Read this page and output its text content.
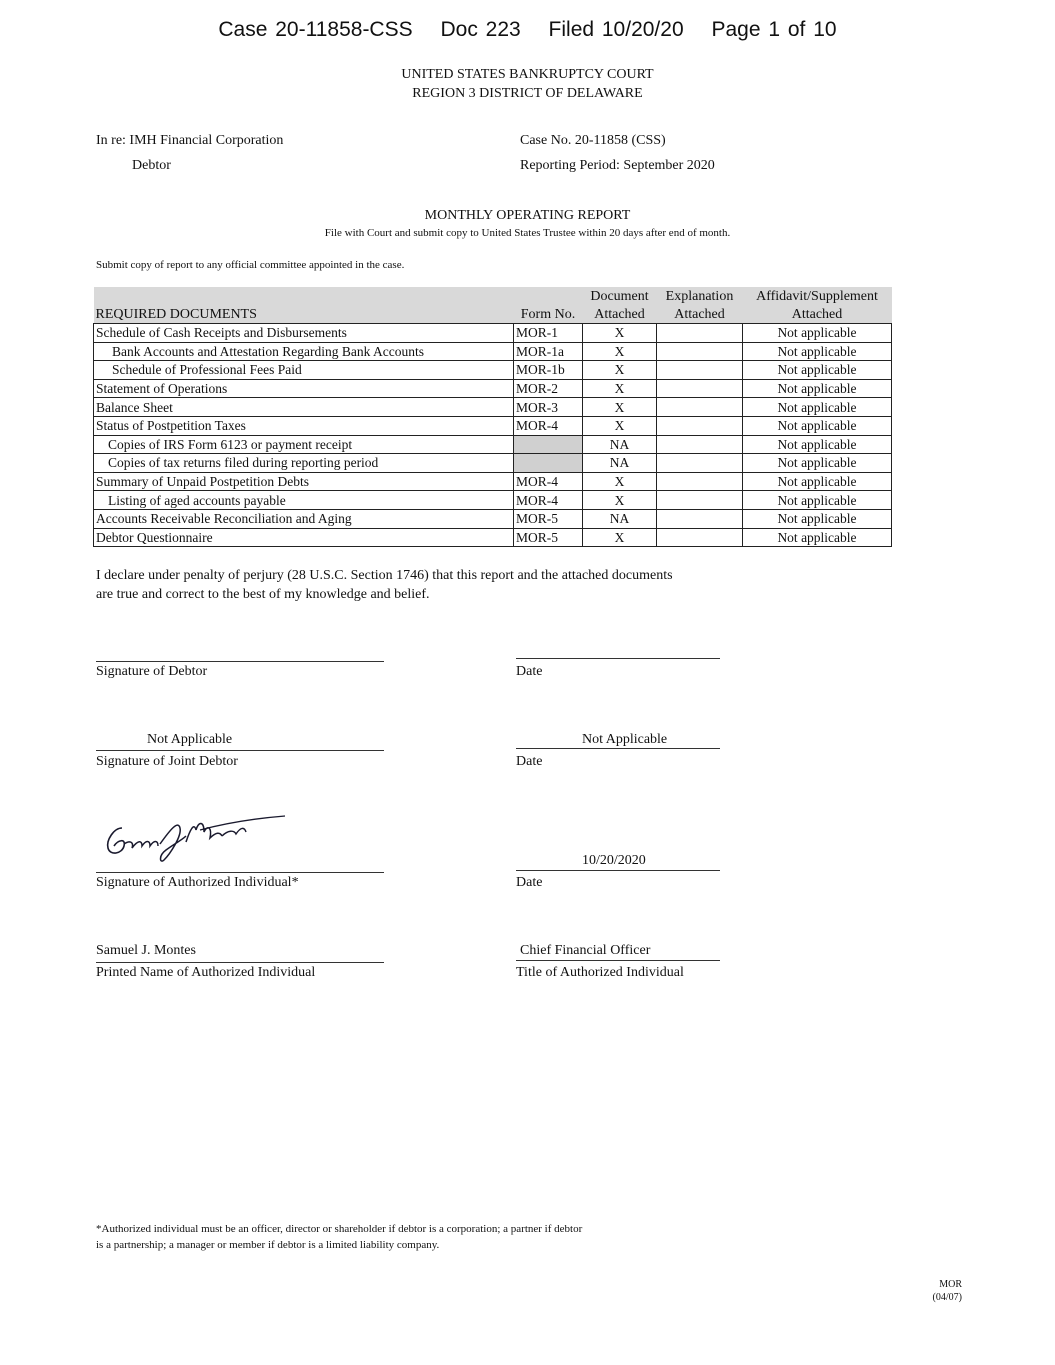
Case 20-11858-CSS Doc 223 Filed 10/20/20 Page 1 of 10
UNITED STATES BANKRUPTCY COURT
REGION 3 DISTRICT OF DELAWARE
In re: IMH Financial Corporation
Debtor
Case No. 20-11858 (CSS)
Reporting Period: September 2020
MONTHLY OPERATING REPORT
File with Court and submit copy to United States Trustee within 20 days after end of month.
Submit copy of report to any official committee appointed in the case.
		Document	Explanation	Affidavit/Supplement
REQUIRED DOCUMENTS	Form No.	Attached	Attached	Attached
Schedule of Cash Receipts and Disbursements	MOR-1	X		Not applicable
Bank Accounts and Attestation Regarding Bank Accounts	MOR-1a	X		Not applicable
Schedule of Professional Fees Paid	MOR-1b	X		Not applicable
Statement of Operations	MOR-2	X		Not applicable
Balance Sheet	MOR-3	X		Not applicable
Status of Postpetition Taxes	MOR-4	X		Not applicable
Copies of IRS Form 6123 or payment receipt		NA		Not applicable
Copies of tax returns filed during reporting period		NA		Not applicable
Summary of Unpaid Postpetition Debts	MOR-4	X		Not applicable
Listing of aged accounts payable	MOR-4	X		Not applicable
Accounts Receivable Reconciliation and Aging	MOR-5	NA		Not applicable
Debtor Questionnaire	MOR-5	X		Not applicable
I declare under penalty of perjury (28 U.S.C. Section 1746) that this report and the attached documents
are true and correct to the best of my knowledge and belief.
Signature of Debtor	Date
Not Applicable	Not Applicable
Signature of Joint Debtor	Date
10/20/2020
Signature of Authorized Individual*	Date
Samuel J. Montes	Chief Financial Officer
Printed Name of Authorized Individual	Title of Authorized Individual
*Authorized individual must be an officer, director or shareholder if debtor is a corporation; a partner if debtor
is a partnership; a manager or member if debtor is a limited liability company.
MOR
(04/07)
